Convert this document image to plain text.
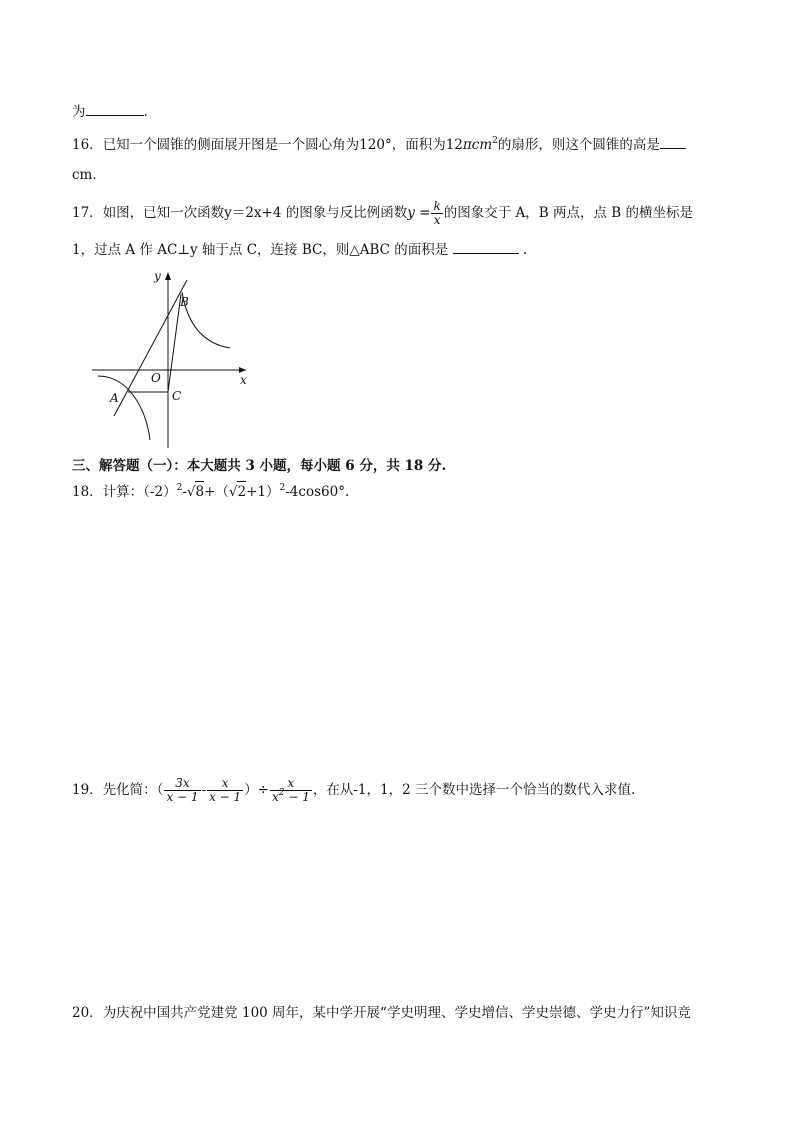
为	.
16．已知一个圆锥的侧面展开图是一个圆心角为120°，面积为12πcm$^2$的扇形，则这个圆锥的高是
cm．
17．如图，已知一次函数y＝2x+4 的图象与反比例函数$y = \frac{k}{x}$ 的图象交于 A，B 两点，点 B 的横坐标是
1，过点 A 作 AC⊥y 轴于点 C，连接 BC，则△ABC 的面积是	.
y
x
O
A
B
C
三、解答题（一）：本大题共 3 小题，每小题 6 分，共 18 分.
18．计算：$(-2)^2-√8+(√2+1)^2-4\cos 60^\circ$.
19．先化简：（ $\frac{3x}{x - 1} - \frac{x}{x - 1}$ ）÷ $\frac{x}{x^2 - 1}$ ，在从-1，1，2 三个数中选择一个恰当的数代入求值.
20．为庆祝中国共产党建党 100 周年，某中学开展“学史明理、学史增信、学史崇德、学史力行”知识竞
